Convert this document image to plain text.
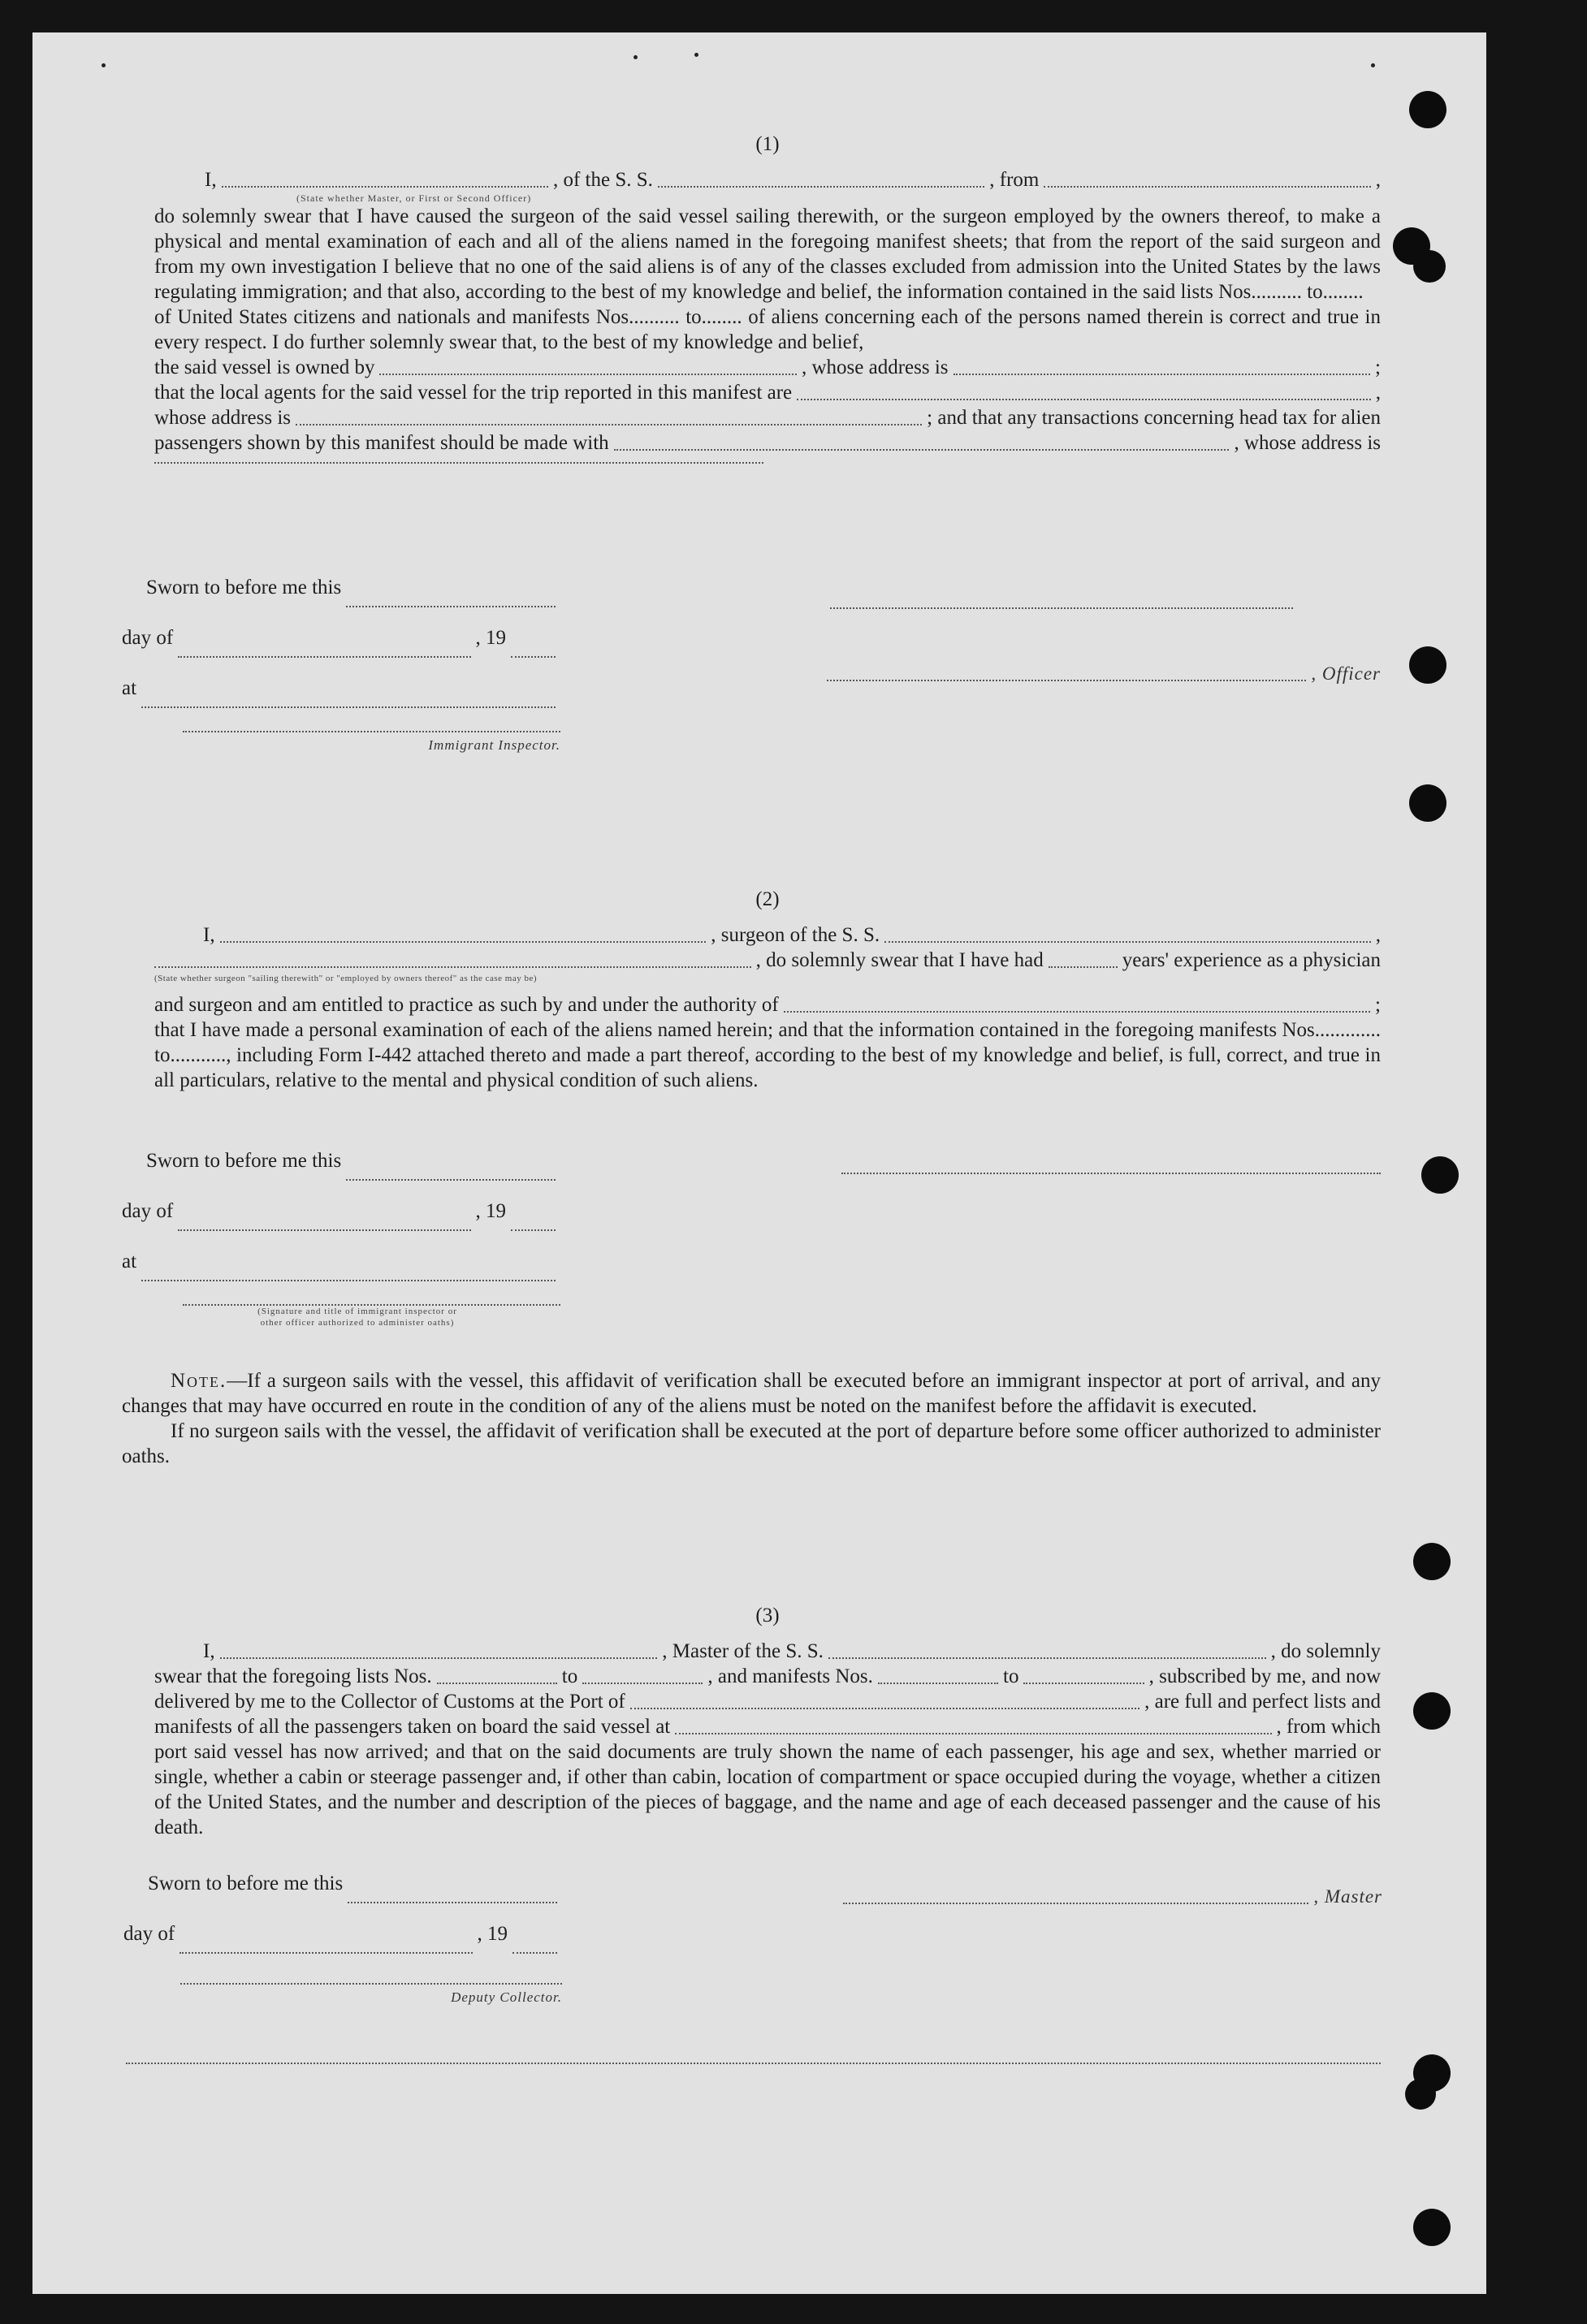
(1)
I,	, of the S. S.	, from	,
(State whether Master, or First or Second Officer)

do solemnly swear that I have caused the surgeon of the said vessel sailing therewith, or the surgeon employed by the owners thereof, to make a physical and mental examination of each and all of the aliens named in the foregoing manifest sheets; that from the report of the said surgeon and from my own investigation I believe that no one of the said aliens is of any of the classes excluded from admission into the United States by the laws regulating immigration; and that also, according to the best of my knowledge and belief, the information contained in the said lists Nos.......... to........

of United States citizens and nationals and manifests Nos.......... to........ of aliens concerning each of the persons named therein is correct and true in every respect. I do further solemnly swear that, to the best of my knowledge and belief,

the said vessel is owned by	, whose address is	;
that the local agents for the said vessel for the trip reported in this manifest are	,
whose address is	; and that any transactions concerning head tax for alien
passengers shown by this manifest should be made with	, whose address is
Sworn to before me this
day of	, 19
at
Immigrant Inspector.
, Officer
(2)
I,	, surgeon of the S. S.	,
, do solemnly swear that I have had	years' experience as a physician
(State whether surgeon "sailing therewith" or "employed by owners thereof" as the case may be)
and surgeon and am entitled to practice as such by and under the authority of	;

that I have made a personal examination of each of the aliens named herein; and that the information contained in the foregoing manifests Nos............. to..........., including Form I-442 attached thereto and made a part thereof, according to the best of my knowledge and belief, is full, correct, and true in all particulars, relative to the mental and physical condition of such aliens.

Sworn to before me this
day of	, 19
at
(Signature and title of immigrant inspector or
other officer authorized to administer oaths)

Note.—If a surgeon sails with the vessel, this affidavit of verification shall be executed before an immigrant inspector at port of arrival, and any changes that may have occurred en route in the condition of any of the aliens must be noted on the manifest before the affidavit is executed.

If no surgeon sails with the vessel, the affidavit of verification shall be executed at the port of departure before some officer authorized to administer oaths.

(3)
I,	, Master of the S. S.	, do solemnly
swear that the foregoing lists Nos.	to	, and manifests Nos.	to	, subscribed by me, and now
delivered by me to the Collector of Customs at the Port of	, are full and perfect lists and
manifests of all the passengers taken on board the said vessel at	, from which

port said vessel has now arrived; and that on the said documents are truly shown the name of each passenger, his age and sex, whether married or single, whether a cabin or steerage passenger and, if other than cabin, location of compartment or space occupied during the voyage, whether a citizen of the United States, and the number and description of the pieces of baggage, and the name and age of each deceased passenger and the cause of his death.

Sworn to before me this
day of	, 19
Deputy Collector.
, Master
